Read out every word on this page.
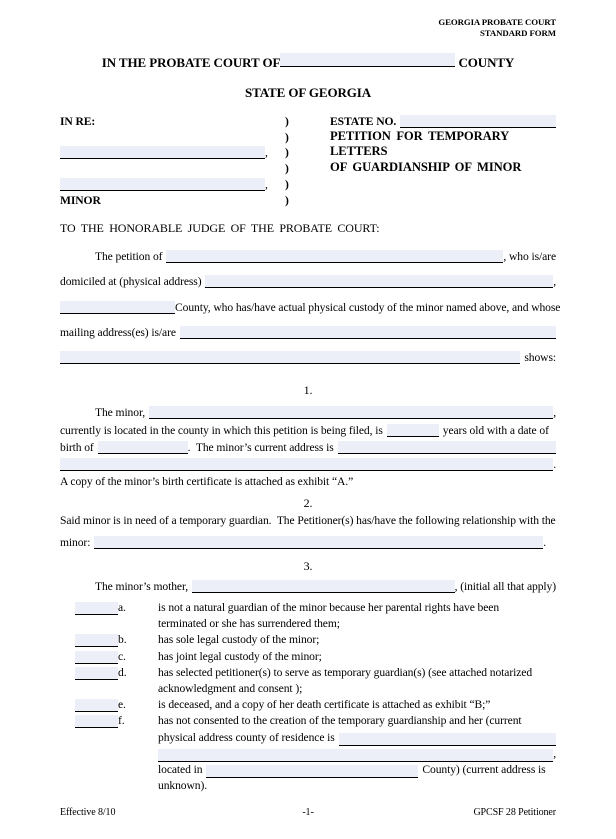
GEORGIA PROBATE COURT
STANDARD FORM
IN THE PROBATE COURT OF	COUNTY
STATE OF GEORGIA
IN RE:
,
,
MINOR
)
)
)
)
)
)
ESTATE NO.
PETITION FOR TEMPORARY LETTERS
OF GUARDIANSHIP OF MINOR
TO THE HONORABLE JUDGE OF THE PROBATE COURT:
The petition of	, who is/are
domiciled at (physical address)	,
County, who has/have actual physical custody of the minor named above, and whose
mailing address(es) is/are
shows:
1.
The minor,	,
currently is located in the county in which this petition is being filed, is	years old with a date of
birth of	.  The minor’s current address is
.
A copy of the minor’s birth certificate is attached as exhibit “A.”
2.
Said minor is in need of a temporary guardian.  The Petitioner(s) has/have the following relationship with the
minor:	.
3.
The minor’s mother,	, (initial all that apply)
a.	is not a natural guardian of the minor because her parental rights have been terminated or she has surrendered them;
b.	has sole legal custody of the minor;
c.	has joint legal custody of the minor;
d.	has selected petitioner(s) to serve as temporary guardian(s) (see attached notarized acknowledgment and consent );
e.	is deceased, and a copy of her death certificate is attached as exhibit “B;”
f.	has not consented to the creation of the temporary guardianship and her (current
physical address county of residence is
,
located in	County) (current address is
unknown).
Effective 8/10	-1-	GPCSF 28 Petitioner
